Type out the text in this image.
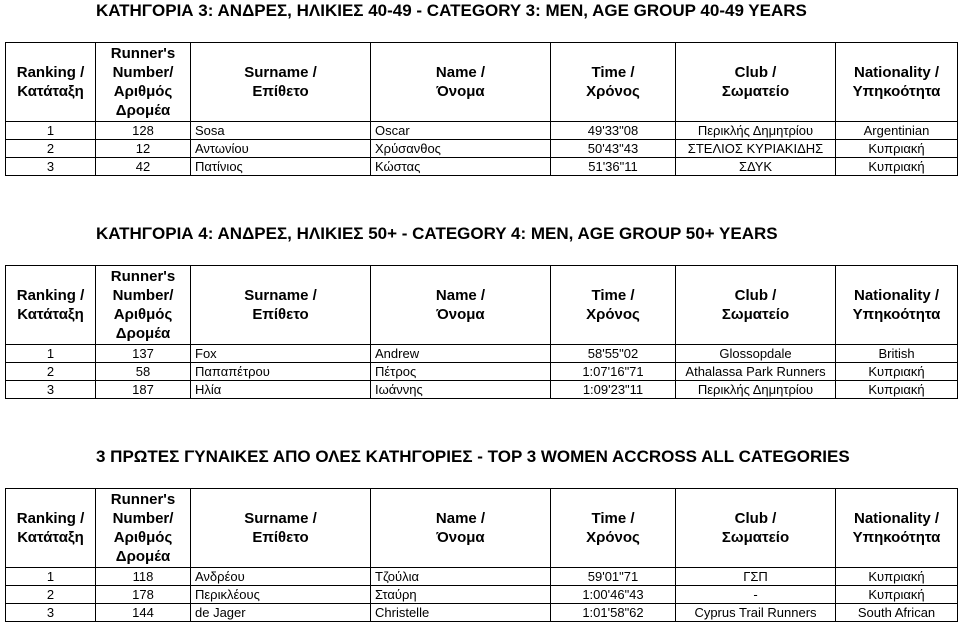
ΚΑΤΗΓΟΡΙΑ 3: ΑΝΔΡΕΣ, ΗΛΙΚΙΕΣ 40-49 - CATEGORY 3: MEN, AGE GROUP 40-49 YEARS
Ranking /
Κατάταξη	Runner's
Number/
Αριθμός
Δρομέα	Surname /
Επίθετο	Name /
Όνομα	Time /
Χρόνος	Club /
Σωματείο	Nationality /
Υπηκοότητα

1	128	Sosa	Oscar	49'33"08	Περικλής Δημητρίου	Argentinian
2	12	Αντωνίου	Χρύσανθος	50'43"43	ΣΤΕΛΙΟΣ ΚΥΡΙΑΚΙΔΗΣ	Κυπριακή
3	42	Πατίνιος	Κώστας	51'36"11	ΣΔΥΚ	Κυπριακή
ΚΑΤΗΓΟΡΙΑ 4: ΑΝΔΡΕΣ, ΗΛΙΚΙΕΣ 50+ - CATEGORY 4: MEN, AGE GROUP 50+ YEARS
Ranking /
Κατάταξη	Runner's
Number/
Αριθμός
Δρομέα	Surname /
Επίθετο	Name /
Όνομα	Time /
Χρόνος	Club /
Σωματείο	Nationality /
Υπηκοότητα

1	137	Fox	Andrew	58'55"02	Glossopdale	British
2	58	Παπαπέτρου	Πέτρος	1:07'16"71	Athalassa Park Runners	Κυπριακή
3	187	Ηλία	Ιωάννης	1:09'23"11	Περικλής Δημητρίου	Κυπριακή
3 ΠΡΩΤΕΣ ΓΥΝΑΙΚΕΣ ΑΠΟ ΟΛΕΣ ΚΑΤΗΓΟΡΙΕΣ - TOP 3 WOMEN ACCROSS ALL CATEGORIES
Ranking /
Κατάταξη	Runner's
Number/
Αριθμός
Δρομέα	Surname /
Επίθετο	Name /
Όνομα	Time /
Χρόνος	Club /
Σωματείο	Nationality /
Υπηκοότητα

1	118	Ανδρέου	Τζούλια	59'01"71	ΓΣΠ	Κυπριακή
2	178	Περικλέους	Σταύρη	1:00'46"43	-	Κυπριακή
3	144	de Jager	Christelle	1:01'58"62	Cyprus Trail Runners	South African
